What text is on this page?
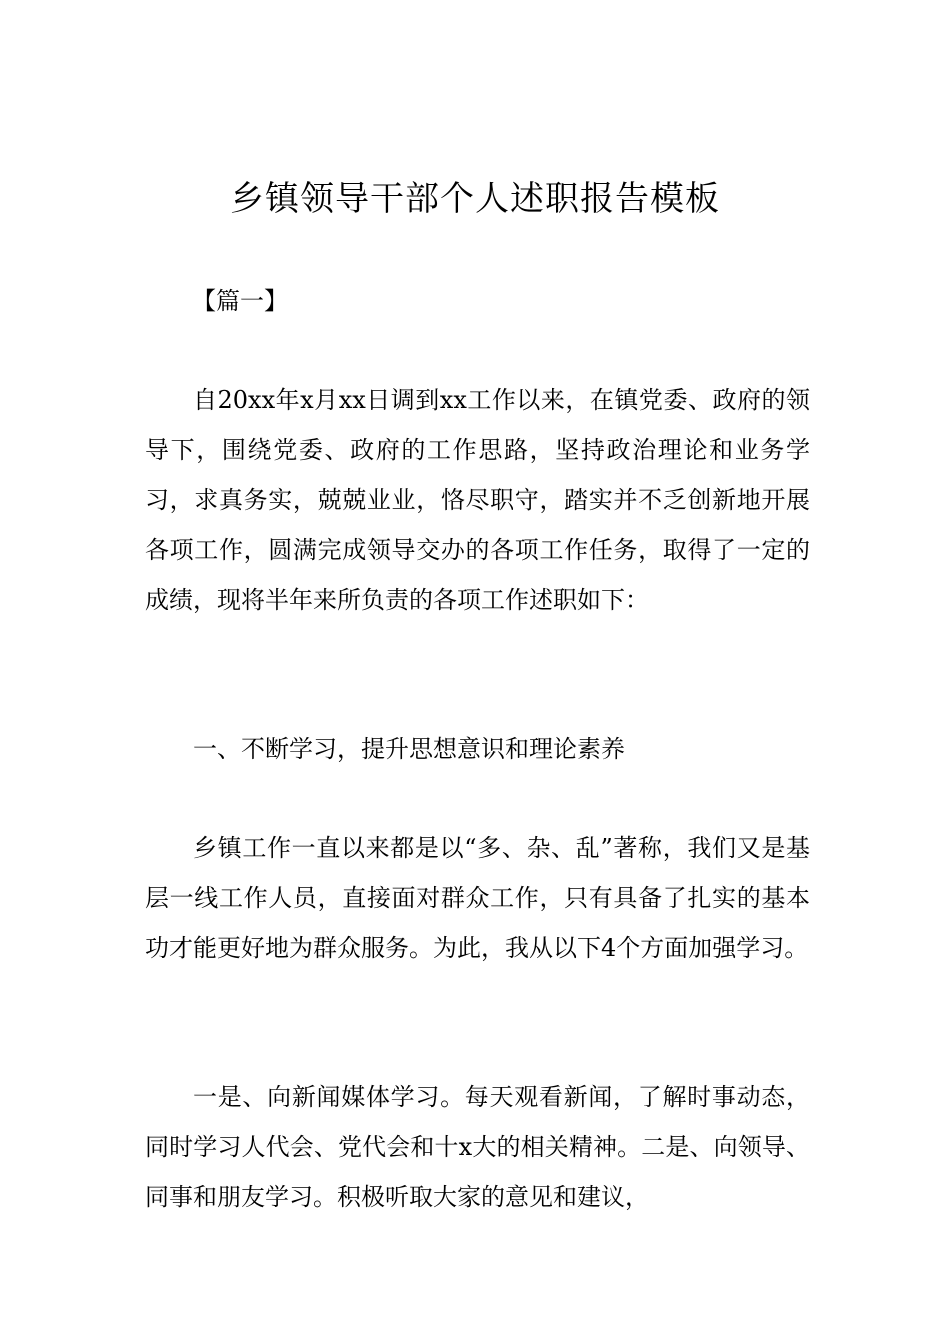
乡镇领导干部个人述职报告模板
【篇一】

自20xx年x月xx日调到xx工作以来，在镇党委、政府的领导下，围绕党委、政府的工作思路，坚持政治理论和业务学习，求真务实，兢兢业业，恪尽职守，踏实并不乏创新地开展各项工作，圆满完成领导交办的各项工作任务，取得了一定的成绩，现将半年来所负责的各项工作述职如下：

一、不断学习，提升思想意识和理论素养

乡镇工作一直以来都是以“多、杂、乱”著称，我们又是基层一线工作人员，直接面对群众工作，只有具备了扎实的基本功才能更好地为群众服务。为此，我从以下4个方面加强学习。

一是、向新闻媒体学习。每天观看新闻，了解时事动态，同时学习人代会、党代会和十x大的相关精神。二是、向领导、同事和朋友学习。积极听取大家的意见和建议，
